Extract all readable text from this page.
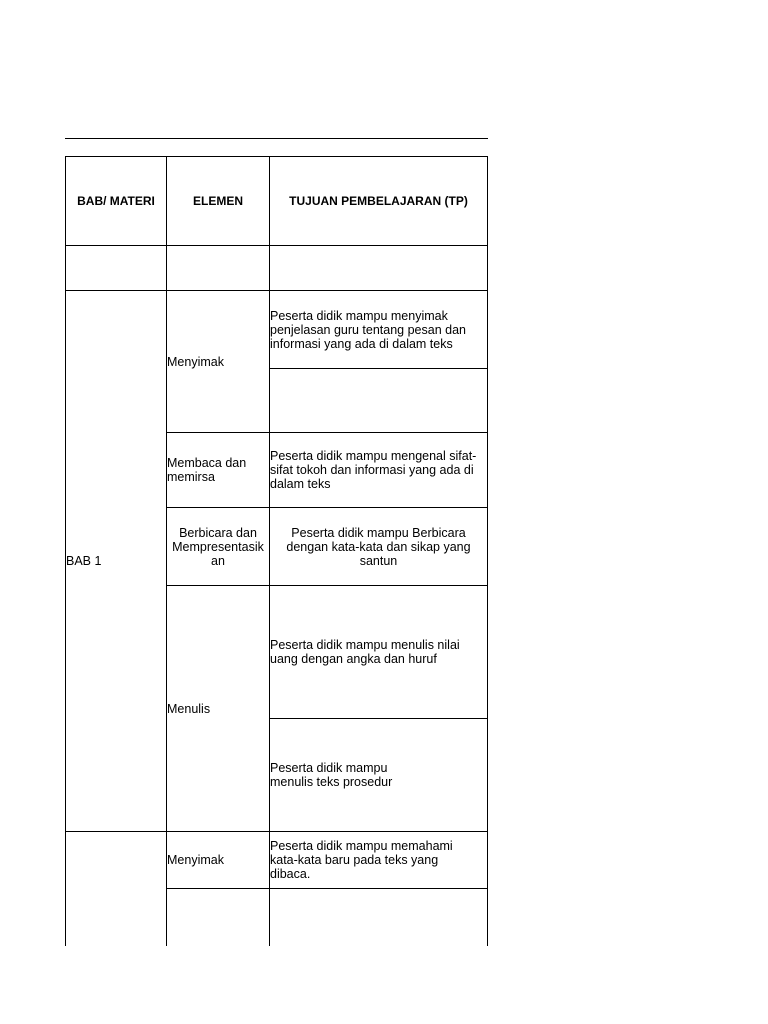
BAB/ MATERI	ELEMEN	TUJUAN PEMBELAJARAN (TP)
BAB 1
Menyimak
Peserta didik mampu menyimak
penjelasan guru tentang pesan dan
informasi yang ada di dalam teks
Membaca dan
memirsa
Peserta didik mampu mengenal sifat-
sifat tokoh dan informasi yang ada di
dalam teks
Berbicara dan
Mempresentasik
an
Peserta didik mampu Berbicara
dengan kata-kata dan sikap yang
santun
Menulis
Peserta didik mampu menulis nilai
uang dengan angka dan huruf
Peserta didik mampu
menulis teks prosedur
Menyimak
Peserta didik mampu memahami
kata-kata baru pada teks yang
dibaca.
